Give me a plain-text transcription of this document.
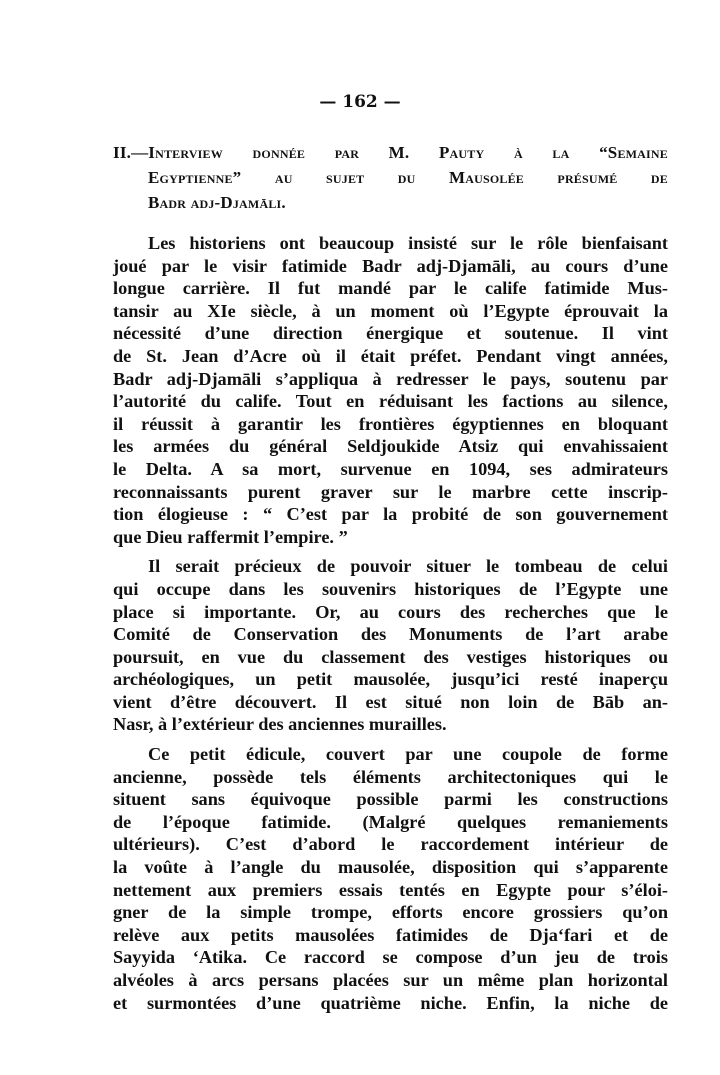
— 162 —
II.—Interview donnée par M. Pauty à la “Semaine
Egyptienne” au sujet du Mausolée présumé de
Badr adj-Djamāli.
Les historiens ont beaucoup insisté sur le rôle bienfaisant
joué par le visir fatimide Badr adj-Djamāli, au cours d’une
longue carrière. Il fut mandé par le calife fatimide Mus-
tansir au XIe siècle, à un moment où l’Egypte éprouvait la
nécessité d’une direction énergique et soutenue. Il vint
de St. Jean d’Acre où il était préfet. Pendant vingt années,
Badr adj-Djamāli s’appliqua à redresser le pays, soutenu par
l’autorité du calife. Tout en réduisant les factions au silence,
il réussit à garantir les frontières égyptiennes en bloquant
les armées du général Seldjoukide Atsiz qui envahissaient
le Delta. A sa mort, survenue en 1094, ses admirateurs
reconnaissants purent graver sur le marbre cette inscrip-
tion élogieuse : “ C’est par la probité de son gouvernement
que Dieu raffermit l’empire. ”
Il serait précieux de pouvoir situer le tombeau de celui
qui occupe dans les souvenirs historiques de l’Egypte une
place si importante. Or, au cours des recherches que le
Comité de Conservation des Monuments de l’art arabe
poursuit, en vue du classement des vestiges historiques ou
archéologiques, un petit mausolée, jusqu’ici resté inaperçu
vient d’être découvert. Il est situé non loin de Bāb an-
Nasr, à l’extérieur des anciennes murailles.
Ce petit édicule, couvert par une coupole de forme
ancienne, possède tels éléments architectoniques qui le
situent sans équivoque possible parmi les constructions
de l’époque fatimide. (Malgré quelques remaniements
ultérieurs). C’est d’abord le raccordement intérieur de
la voûte à l’angle du mausolée, disposition qui s’apparente
nettement aux premiers essais tentés en Egypte pour s’éloi-
gner de la simple trompe, efforts encore grossiers qu’on
relève aux petits mausolées fatimides de Dja‘fari et de
Sayyida ‘Atika. Ce raccord se compose d’un jeu de trois
alvéoles à arcs persans placées sur un même plan horizontal
et surmontées d’une quatrième niche. Enfin, la niche de
